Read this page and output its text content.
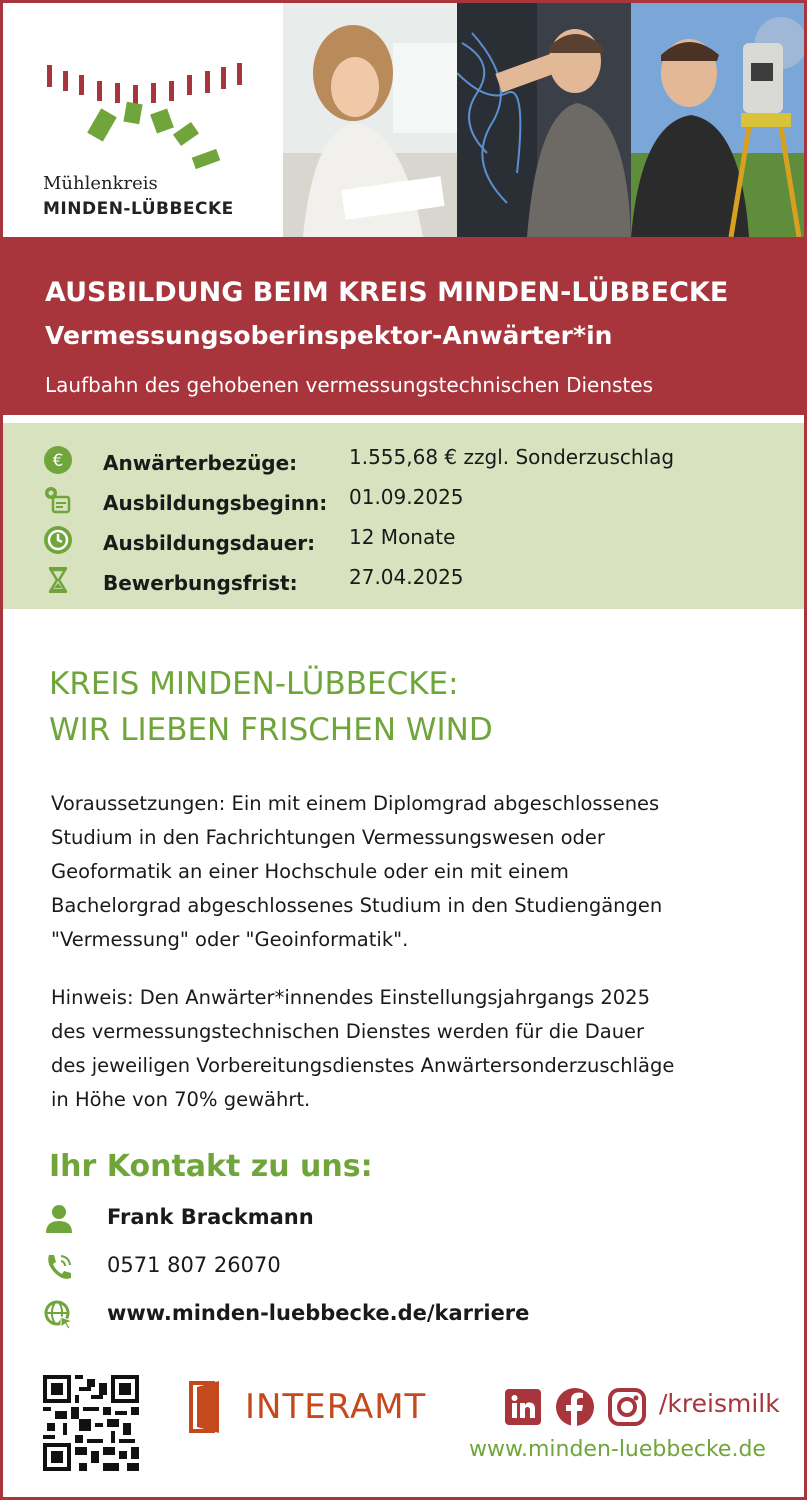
Mühlenkreis
MINDEN-LÜBBECKE
AUSBILDUNG BEIM KREIS MINDEN-LÜBBECKE
Vermessungsoberinspektor-Anwärter*in
Laufbahn des gehobenen vermessungstechnischen Dienstes
€ Anwärterbezüge:	1.555,68 € zzgl. Sonderzuschlag
Ausbildungsbeginn: 01.09.2025
Ausbildungsdauer: 12 Monate
Bewerbungsfrist:	27.04.2025
KREIS MINDEN-LÜBBECKE:
WIR LIEBEN FRISCHEN WIND
Voraussetzungen: Ein mit einem Diplomgrad abgeschlossenes
Studium in den Fachrichtungen Vermessungswesen oder
Geoformatik an einer Hochschule oder ein mit einem
Bachelorgrad abgeschlossenes Studium in den Studiengängen
"Vermessung" oder "Geoinformatik".
Hinweis: Den Anwärter*innendes Einstellungsjahrgangs 2025
des vermessungstechnischen Dienstes werden für die Dauer
des jeweiligen Vorbereitungsdienstes Anwärtersonderzuschläge
in Höhe von 70% gewährt.
Ihr Kontakt zu uns:
Frank Brackmann
0571 807 26070
www.minden-luebbecke.de/karriere
INTERAMT	/kreismilk
www.minden-luebbecke.de
